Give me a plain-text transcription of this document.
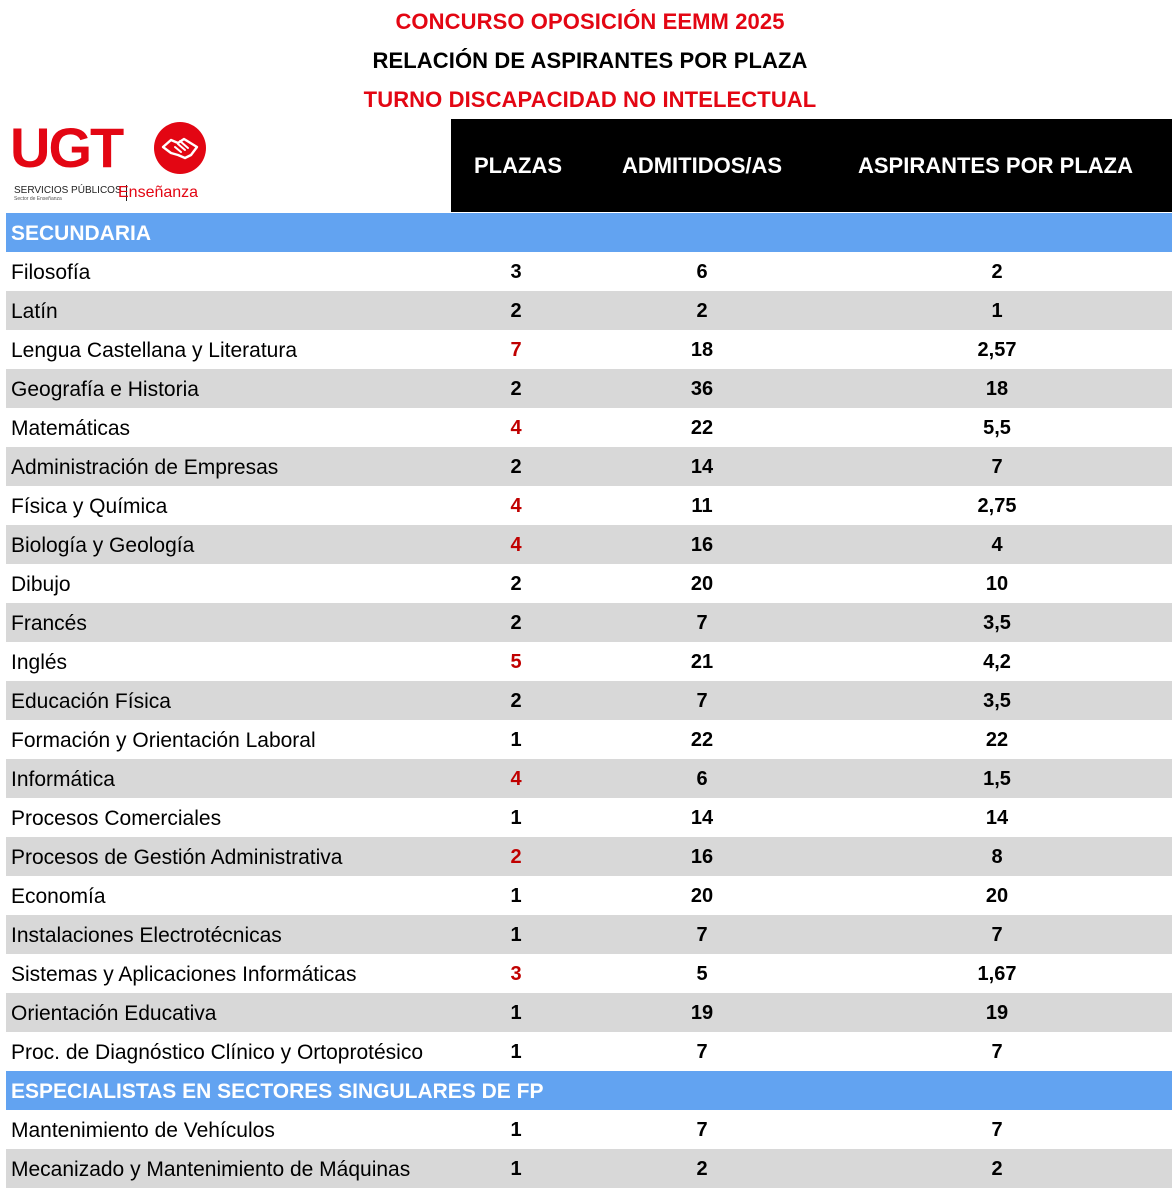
CONCURSO OPOSICIÓN EEMM 2025
RELACIÓN DE ASPIRANTES POR PLAZA
TURNO DISCAPACIDAD NO INTELECTUAL
UGT
SERVICIOS PÚBLICOS
Sector de Enseñanza	Enseñanza
PLAZAS	ADMITIDOS/AS	ASPIRANTES POR PLAZA
SECUNDARIA
Filosofía	3	6	2
Latín	2	2	1
Lengua Castellana y Literatura	7	18	2,57
Geografía e Historia	2	36	18
Matemáticas	4	22	5,5
Administración de Empresas	2	14	7
Física y Química	4	11	2,75
Biología y Geología	4	16	4
Dibujo	2	20	10
Francés	2	7	3,5
Inglés	5	21	4,2
Educación Física	2	7	3,5
Formación y Orientación Laboral	1	22	22
Informática	4	6	1,5
Procesos Comerciales	1	14	14
Procesos de Gestión Administrativa	2	16	8
Economía	1	20	20
Instalaciones Electrotécnicas	1	7	7
Sistemas y Aplicaciones Informáticas	3	5	1,67
Orientación Educativa	1	19	19
Proc. de Diagnóstico Clínico y Ortoprotésico	1	7	7
ESPECIALISTAS EN SECTORES SINGULARES DE FP
Mantenimiento de Vehículos	1	7	7
Mecanizado y Mantenimiento de Máquinas	1	2	2
